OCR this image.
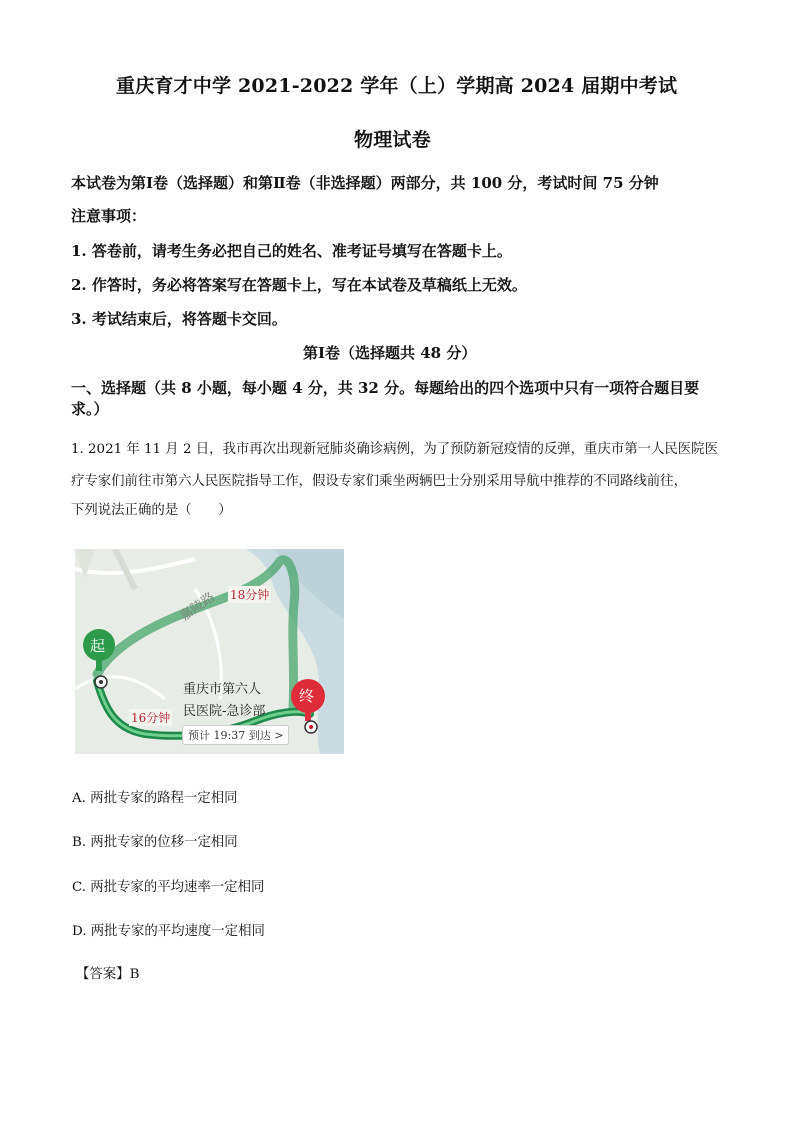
重庆育才中学 2021-2022 学年（上）学期高 2024 届期中考试
物理试卷
本试卷为第Ⅰ卷（选择题）和第Ⅱ卷（非选择题）两部分，共 100 分，考试时间 75 分钟
注意事项：
1. 答卷前，请考生务必把自己的姓名、准考证号填写在答题卡上。
2. 作答时，务必将答案写在答题卡上，写在本试卷及草稿纸上无效。
3. 考试结束后，将答题卡交回。
第Ⅰ卷（选择题共 48 分）
一、选择题（共 8 小题，每小题 4 分，共 32 分。每题给出的四个选项中只有一项符合题目要
求。）
1. 2021 年 11 月 2 日，我市再次出现新冠肺炎确诊病例，为了预防新冠疫情的反弹，重庆市第一人民医院医
疗专家们前往市第六人民医院指导工作，假设专家们乘坐两辆巴士分别采用导航中推荐的不同路线前往，
下列说法正确的是（　　）
起
终
嘉陵路 18分钟
16分钟
重庆市第六人
民医院-急诊部
预计 19:37 到达 >
A. 两批专家的路程一定相同
B. 两批专家的位移一定相同
C. 两批专家的平均速率一定相同
D. 两批专家的平均速度一定相同
【答案】B
